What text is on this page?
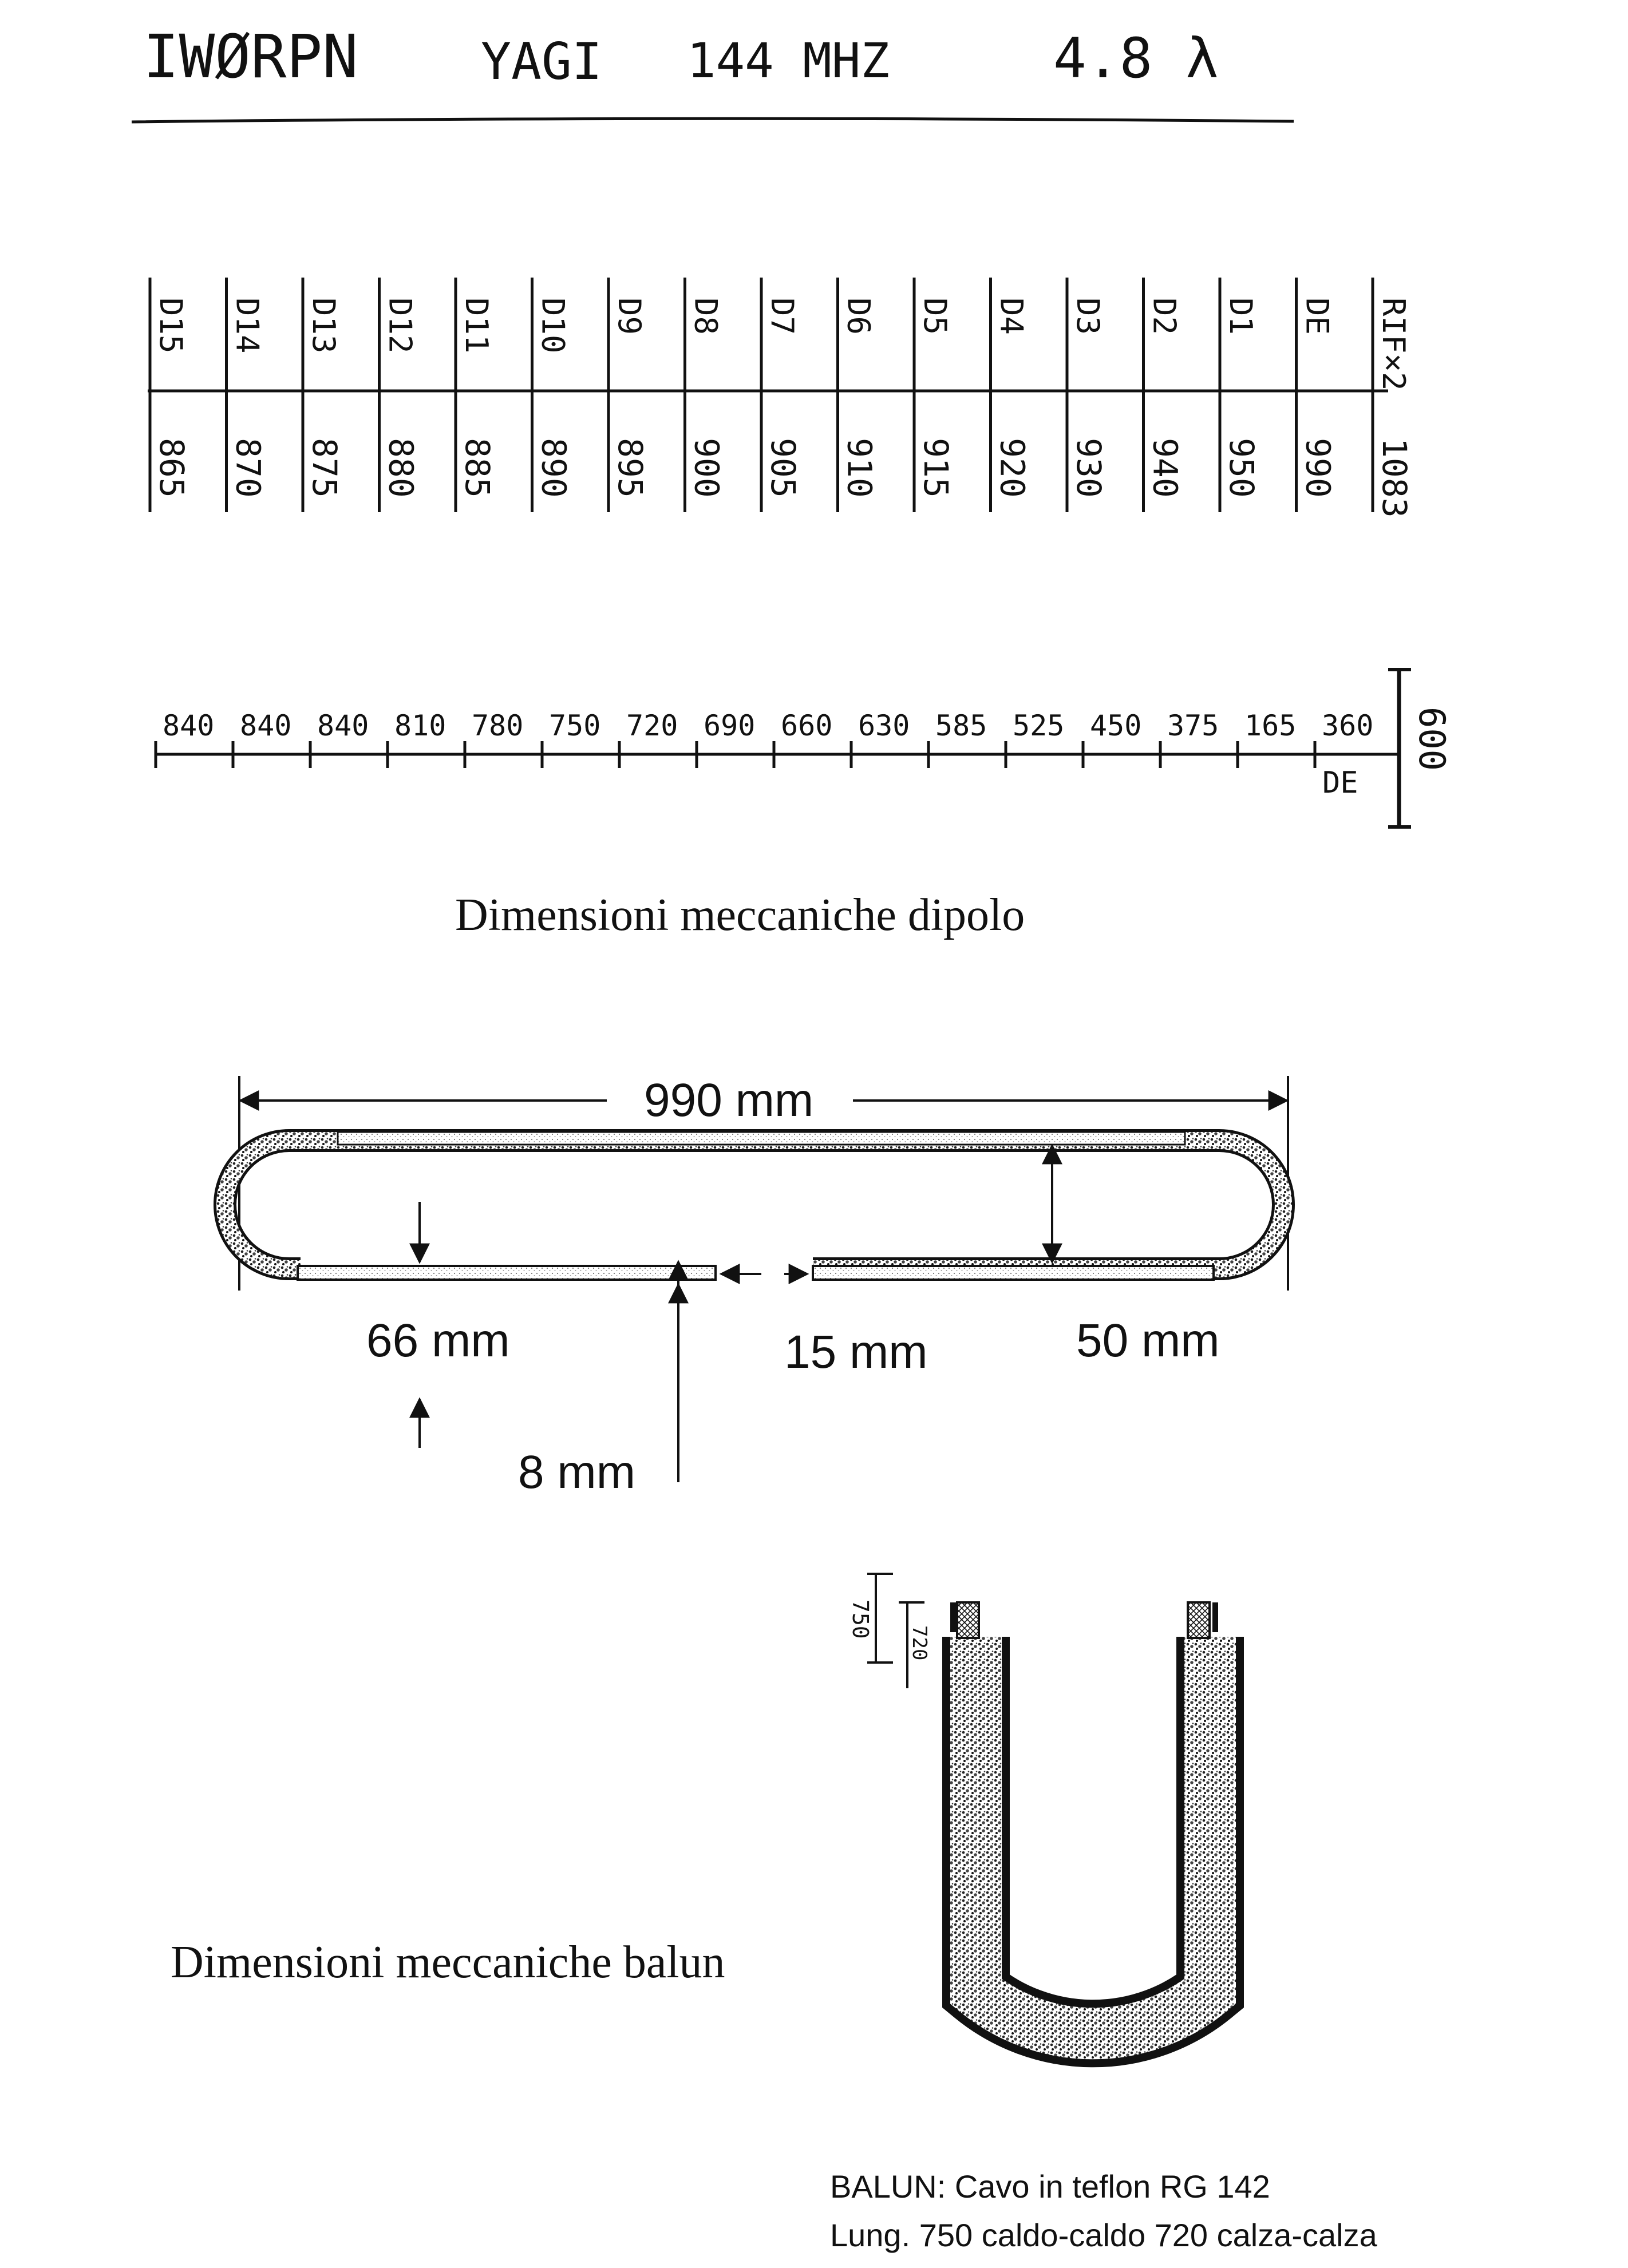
IWØRPN YAGI 144 MHZ	4.8 λ
D15
865
D14
870
D13
875
D12
880
D11
885
D10
890
D9
895
D8
900
D7
905
D6
910
D5
915
D4
920
D3
930
D2
940
D1
950
DE
990
RIF×2
1083
DE
600
840 840 840 810 780 750 720 690 660 630 585 525 450 375 165 360
Dimensioni meccaniche dipolo
990 mm
66 mm
8 mm
15 mm	50 mm
Dimensioni meccaniche balun
750
720
BALUN: Cavo in teflon RG 142
Lung. 750 caldo-caldo 720 calza-calza
